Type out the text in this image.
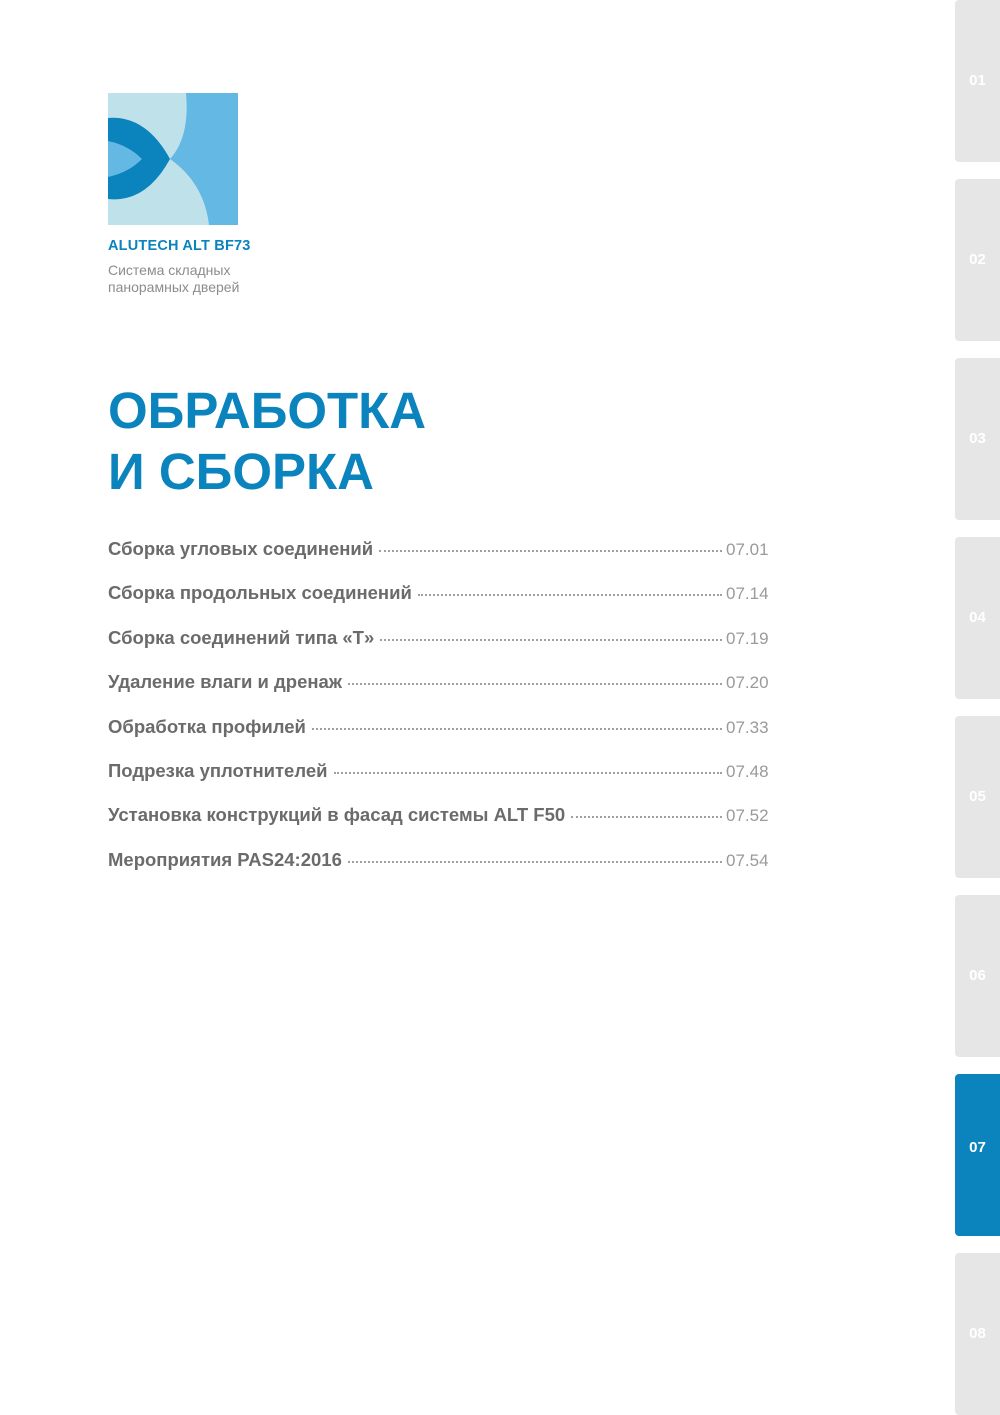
ALUTECH ALT BF73
Система складных
панорамных дверей
ОБРАБОТКА
И СБОРКА
Сборка угловых соединений	07.01
Сборка продольных соединений	07.14
Сборка соединений типа «Т»	07.19
Удаление влаги и дренаж	07.20
Обработка профилей	07.33
Подрезка уплотнителей	07.48
Установка конструкций в фасад системы ALT F50	07.52
Мероприятия PAS24:2016	07.54
01
02
03
04
05
06
07
08
